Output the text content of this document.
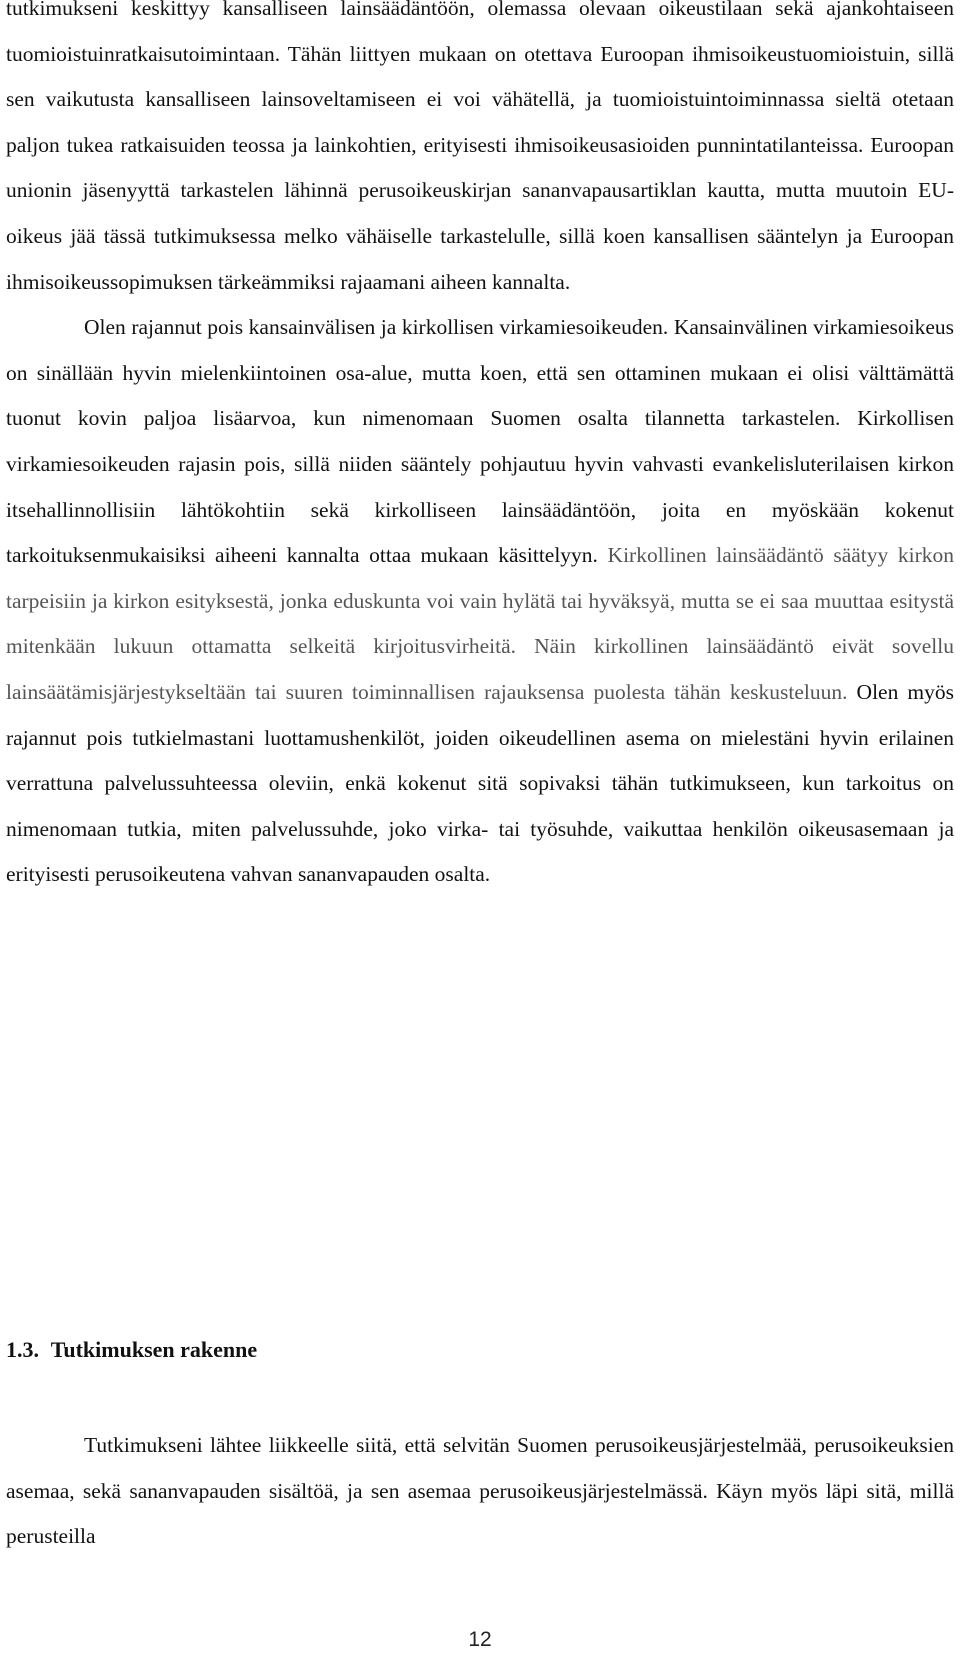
tutkimukseni keskittyy kansalliseen lainsäädäntöön, olemassa olevaan oikeustilaan sekä ajankohtaiseen tuomioistuinratkaisutoimintaan. Tähän liittyen mukaan on otettava Euroopan ihmisoikeustuomioistuin, sillä sen vaikutusta kansalliseen lainsoveltamiseen ei voi vähätellä, ja tuomioistuintoiminnassa sieltä otetaan paljon tukea ratkaisuiden teossa ja lainkohtien, erityisesti ihmisoikeusasioiden punnintatilanteissa. Euroopan unionin jäsenyyttä tarkastelen lähinnä perusoikeuskirjan sananvapausartiklan kautta, mutta muutoin EU-oikeus jää tässä tutkimuksessa melko vähäiselle tarkastelulle, sillä koen kansallisen sääntelyn ja Euroopan ihmisoikeussopimuksen tärkeämmiksi rajaamani aiheen kannalta.

Olen rajannut pois kansainvälisen ja kirkollisen virkamiesoikeuden. Kansainvälinen virkamiesoikeus on sinällään hyvin mielenkiintoinen osa-alue, mutta koen, että sen ottaminen mukaan ei olisi välttämättä tuonut kovin paljoa lisäarvoa, kun nimenomaan Suomen osalta tilannetta tarkastelen. Kirkollisen virkamiesoikeuden rajasin pois, sillä niiden sääntely pohjautuu hyvin vahvasti evankelisluterilaisen kirkon itsehallinnollisiin lähtökohtiin sekä kirkolliseen lainsäädäntöön, joita en myöskään kokenut tarkoituksenmukaisiksi aiheeni kannalta ottaa mukaan käsittelyyn. Kirkollinen lainsäädäntö säätyy kirkon tarpeisiin ja kirkon esityksestä, jonka eduskunta voi vain hylätä tai hyväksyä, mutta se ei saa muuttaa esitystä mitenkään lukuun ottamatta selkeitä kirjoitusvirheitä. Näin kirkollinen lainsäädäntö eivät sovellu lainsäätämisjärjestykseltään tai suuren toiminnallisen rajauksensa puolesta tähän keskusteluun. Olen myös rajannut pois tutkielmastani luottamushenkilöt, joiden oikeudellinen asema on mielestäni hyvin erilainen verrattuna palvelussuhteessa oleviin, enkä kokenut sitä sopivaksi tähän tutkimukseen, kun tarkoitus on nimenomaan tutkia, miten palvelussuhde, joko virka- tai työsuhde, vaikuttaa henkilön oikeusasemaan ja erityisesti perusoikeutena vahvan sananvapauden osalta.

1.3. Tutkimuksen rakenne

Tutkimukseni lähtee liikkeelle siitä, että selvitän Suomen perusoikeusjärjestelmää, perusoikeuksien asemaa, sekä sananvapauden sisältöä, ja sen asemaa perusoikeusjärjestelmässä. Käyn myös läpi sitä, millä perusteilla

12
